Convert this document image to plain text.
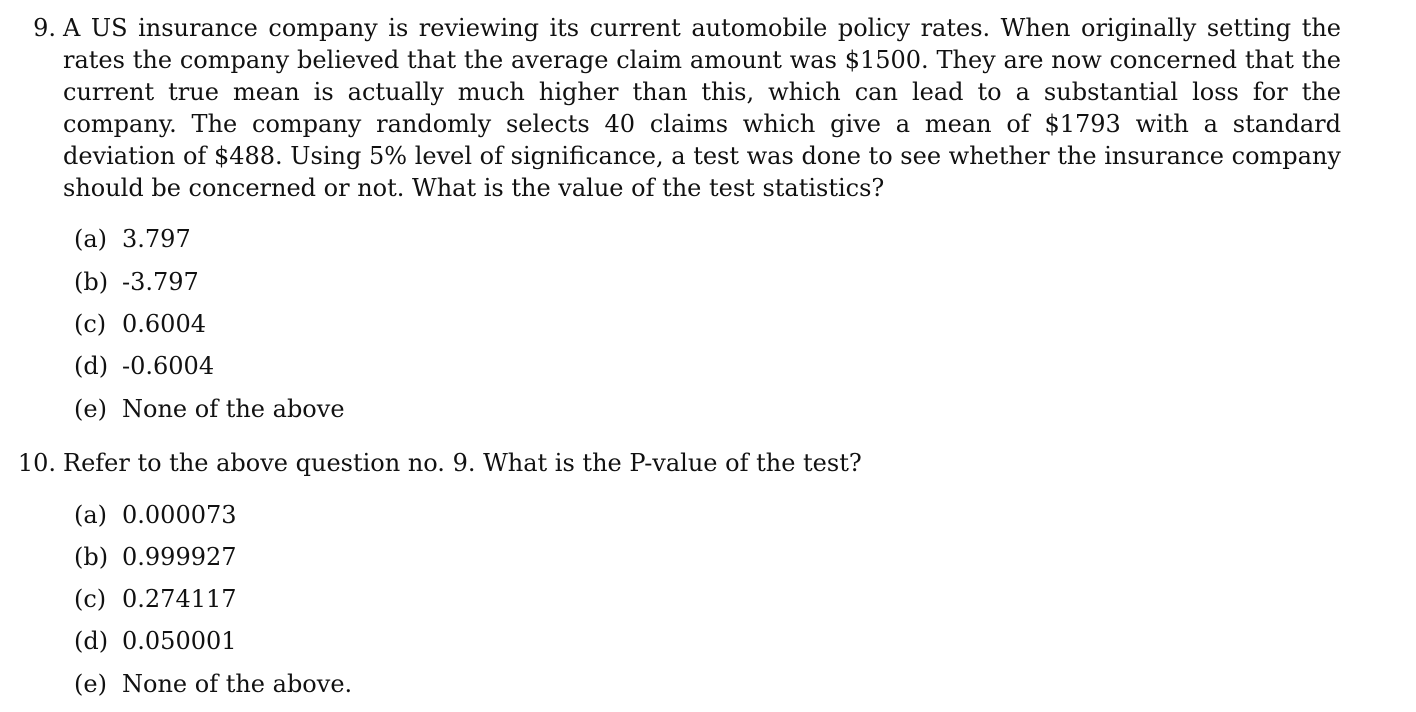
9. A US insurance company is reviewing its current automobile policy rates. When originally setting the rates the company believed that the average claim amount was $1500. They are now concerned that the current true mean is actually much higher than this, which can lead to a substantial loss for the company. The company randomly selects 40 claims which give a mean of $1793 with a standard deviation of $488. Using 5% level of significance, a test was done to see whether the insurance company should be concerned or not. What is the value of the test statistics?
(a) 3.797
(b) -3.797
(c) 0.6004
(d) -0.6004
(e) None of the above
10. Refer to the above question no. 9. What is the P-value of the test?
(a) 0.000073
(b) 0.999927
(c) 0.274117
(d) 0.050001
(e) None of the above.
